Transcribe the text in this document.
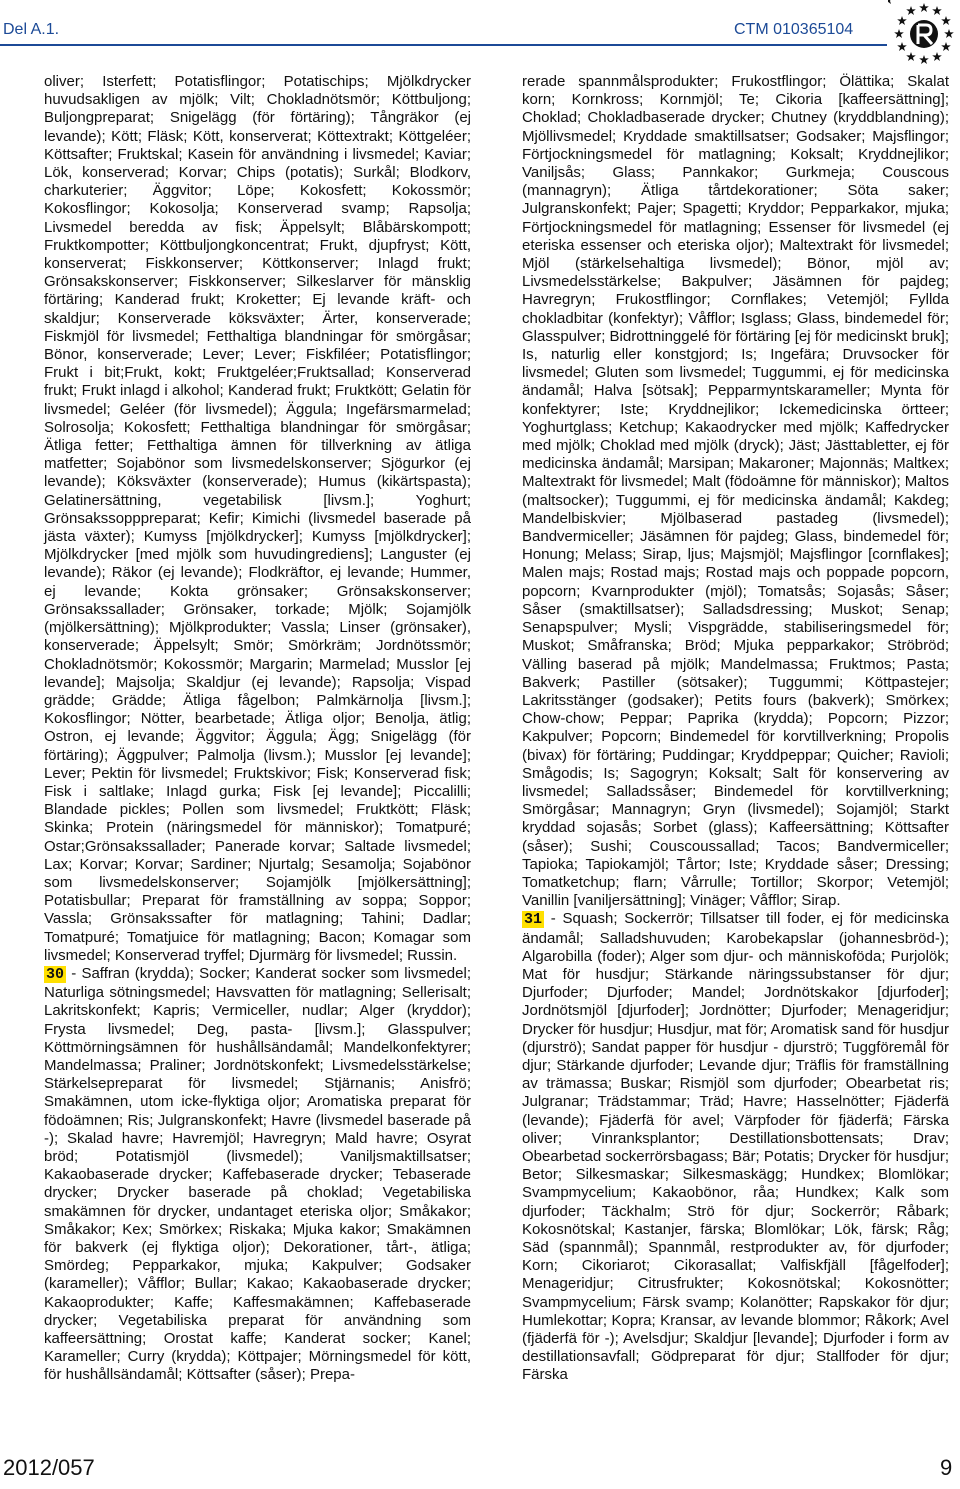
Del A.1.	CTM 010365104

oliver; Isterfett; Potatisflingor; Potatischips; Mjölkdrycker huvudsakligen av mjölk; Vilt; Chokladnötsmör; Köttbuljong; Buljongpreparat; Snigelägg (för förtäring); Tångräkor (ej levande); Kött; Fläsk; Kött, konserverat; Köttextrakt; Köttgeléer; Köttsafter; Fruktskal; Kasein för användning i livsmedel; Kaviar; Lök, konserverad; Korvar; Chips (potatis); Surkål; Blodkorv, charkuterier; Äggvitor; Löpe; Kokosfett; Kokossmör; Kokosflingor; Kokosolja; Konserverad svamp; Rapsolja; Livsmedel beredda av fisk; Äppelsylt; Blåbärskompott; Fruktkompotter; Köttbuljongkoncentrat; Frukt, djupfryst; Kött, konserverat; Fiskkonserver; Köttkonserver; Inlagd frukt; Grönsakskonserver; Fiskkonserver; Silkeslarver för mänsklig förtäring; Kanderad frukt; Kroketter; Ej levande kräft- och skaldjur; Konserverade köksväxter; Ärter, konserverade; Fiskmjöl för livsmedel; Fetthaltiga blandningar för smörgåsar; Bönor, konserverade; Lever; Lever; Fiskfiléer; Potatisflingor; Frukt i bit;Frukt, kokt; Fruktgeléer;Fruktsallad; Konserverad frukt; Frukt inlagd i alkohol; Kanderad frukt; Fruktkött; Gelatin för livsmedel; Geléer (för livsmedel); Äggula; Ingefärsmarmelad; Solrosolja; Kokosfett; Fetthaltiga blandningar för smörgåsar; Ätliga fetter; Fetthaltiga ämnen för tillverkning av ätliga matfetter; Sojabönor som livsmedelskonserver; Sjögurkor (ej levande); Köksväxter (konserverade); Humus (kikärtspasta); Gelatinersättning, vegetabilisk [livsm.]; Yoghurt; Grönsakssopppreparat; Kefir; Kimichi (livsmedel baserade på jästa växter); Kumyss [mjölkdrycker]; Kumyss [mjölkdrycker]; Mjölkdrycker [med mjölk som huvudingrediens]; Languster (ej levande); Räkor (ej levande); Flodkräftor, ej levande; Hummer, ej levande; Kokta grönsaker; Grönsakskonserver; Grönsakssallader; Grönsaker, torkade; Mjölk; Sojamjölk (mjölkersättning); Mjölkprodukter; Vassla; Linser (grönsaker), konserverade; Äppelsylt; Smör; Smörkräm; Jordnötssmör; Chokladnötsmör; Kokossmör; Margarin; Marmelad; Musslor [ej levande]; Majsolja; Skaldjur (ej levande); Rapsolja; Vispad grädde; Grädde; Ätliga fågelbon; Palmkärnolja [livsm.]; Kokosflingor; Nötter, bearbetade; Ätliga oljor; Benolja, ätlig; Ostron, ej levande; Äggvitor; Äggula; Ägg; Snigelägg (för förtäring); Äggpulver; Palmolja (livsm.); Musslor [ej levande]; Lever; Pektin för livsmedel; Fruktskivor; Fisk; Konserverad fisk; Fisk i saltlake; Inlagd gurka; Fisk [ej levande]; Piccalilli; Blandade pickles; Pollen som livsmedel; Fruktkött; Fläsk; Skinka; Protein (näringsmedel för människor); Tomatpuré; Ostar;Grönsakssallader; Panerade korvar; Saltade livsmedel; Lax; Korvar; Korvar; Sardiner; Njurtalg; Sesamolja; Sojabönor som livsmedelskonserver; Sojamjölk [mjölkersättning]; Potatisbullar; Preparat för framställning av soppa; Soppor; Vassla; Grönsakssafter för matlagning; Tahini; Dadlar; Tomatpuré; Tomatjuice för matlagning; Bacon; Komagar som livsmedel; Konserverad tryffel; Djurmärg för livsmedel; Russin.

30 - Saffran (krydda); Socker; Kanderat socker som livsmedel; Naturliga sötningsmedel; Havsvatten för matlagning; Sellerisalt; Lakritskonfekt; Kapris; Vermiceller, nudlar; Alger (kryddor); Frysta livsmedel; Deg, pasta- [livsm.]; Glasspulver; Köttmörningsämnen för hushållsändamål; Mandelkonfektyrer; Mandelmassa; Praliner; Jordnötskonfekt; Livsmedelsstärkelse; Stärkelsepreparat för livsmedel; Stjärnanis; Anisfrö; Smakämnen, utom icke-flyktiga oljor; Aromatiska preparat för födoämnen; Ris; Julgranskonfekt; Havre (livsmedel baserade på -); Skalad havre; Havremjöl; Havregryn; Mald havre; Osyrat bröd; Potatismjöl (livsmedel); Vaniljsmaktillsatser; Kakaobaserade drycker; Kaffebaserade drycker; Tebaserade drycker; Drycker baserade på choklad; Vegetabiliska smakämnen för drycker, undantaget eteriska oljor; Småkakor; Småkakor; Kex; Smörkex; Riskaka; Mjuka kakor; Smakämnen för bakverk (ej flyktiga oljor); Dekorationer, tårt-, ätliga; Smördeg; Pepparkakor, mjuka; Kakpulver; Godsaker (karameller); Våfflor; Bullar; Kakao; Kakaobaserade drycker; Kakaoprodukter; Kaffe; Kaffesmakämnen; Kaffebaserade drycker; Vegetabiliska preparat för användning som kaffeersättning; Orostat kaffe; Kanderat socker; Kanel; Karameller; Curry (krydda); Köttpajer; Mörningsmedel för kött, för hushållsändamål; Köttsafter (såser); Prepa-

rerade spannmålsprodukter; Frukostflingor; Ölättika; Skalat korn; Kornkross; Kornmjöl; Te; Cikoria [kaffeersättning]; Choklad; Chokladbaserade drycker; Chutney (kryddblandning); Mjöllivsmedel; Kryddade smaktillsatser; Godsaker; Majsflingor; Förtjockningsmedel för matlagning; Koksalt; Kryddnejlikor; Vaniljsås; Glass; Pannkakor; Gurkmeja; Couscous (mannagryn); Ätliga tårtdekorationer; Söta saker; Julgranskonfekt; Pajer; Spagetti; Kryddor; Pepparkakor, mjuka; Förtjockningsmedel för matlagning; Essenser för livsmedel (ej eteriska essenser och eteriska oljor); Maltextrakt för livsmedel; Mjöl (stärkelsehaltiga livsmedel); Bönor, mjöl av; Livsmedelsstärkelse; Bakpulver; Jäsämnen för pajdeg; Havregryn; Frukostflingor; Cornflakes; Vetemjöl; Fyllda chokladbitar (konfektyr); Våfflor; Isglass; Glass, bindemedel för; Glasspulver; Bidrottninggelé för förtäring [ej för medicinskt bruk]; Is, naturlig eller konstgjord; Is; Ingefära; Druvsocker för livsmedel; Gluten som livsmedel; Tuggummi, ej för medicinska ändamål; Halva [sötsak]; Pepparmyntskarameller; Mynta för konfektyrer; Iste; Kryddnejlikor; Ickemedicinska örtteer; Yoghurtglass; Ketchup; Kakaodrycker med mjölk; Kaffedrycker med mjölk; Choklad med mjölk (dryck); Jäst; Jästtabletter, ej för medicinska ändamål; Marsipan; Makaroner; Majonnäs; Maltkex; Maltextrakt för livsmedel; Malt (födoämne för människor); Maltos (maltsocker); Tuggummi, ej för medicinska ändamål; Kakdeg; Mandelbiskvier; Mjölbaserad pastadeg (livsmedel); Bandvermiceller; Jäsämnen för pajdeg; Glass, bindemedel för; Honung; Melass; Sirap, ljus; Majsmjöl; Majsflingor [cornflakes]; Malen majs; Rostad majs; Rostad majs och poppade popcorn, popcorn; Kvarnprodukter (mjöl); Tomatsås; Sojasås; Såser; Såser (smaktillsatser); Salladsdressing; Muskot; Senap; Senapspulver; Mysli; Vispgrädde, stabiliseringsmedel för; Muskot; Småfranska; Bröd; Mjuka pepparkakor; Ströbröd; Välling baserad på mjölk; Mandelmassa; Fruktmos; Pasta; Bakverk; Pastiller (sötsaker); Tuggummi; Köttpastejer; Lakritsstänger (godsaker); Petits fours (bakverk); Smörkex; Chow-chow; Peppar; Paprika (krydda); Popcorn; Pizzor; Kakpulver; Popcorn; Bindemedel för korvtillverkning; Propolis (bivax) för förtäring; Puddingar; Kryddpeppar; Quicher; Ravioli; Smågodis; Is; Sagogryn; Koksalt; Salt för konservering av livsmedel; Salladssåser; Bindemedel för korvtillverkning; Smörgåsar; Mannagryn; Gryn (livsmedel); Sojamjöl; Starkt kryddad sojasås; Sorbet (glass); Kaffeersättning; Köttsafter (såser); Sushi; Couscoussallad; Tacos; Bandvermiceller; Tapioka; Tapiokamjöl; Tårtor; Iste; Kryddade såser; Dressing; Tomatketchup; flarn; Vårrulle; Tortillor; Skorpor; Vetemjöl; Vanillin [vaniljersättning]; Vinäger; Våfflor; Sirap.

31 - Squash; Sockerrör; Tillsatser till foder, ej för medicinska ändamål; Salladshuvuden; Karobekapslar (johannesbröd-); Algarobilla (foder); Alger som djur- och människoföda; Purjolök; Mat för husdjur; Stärkande näringssubstanser för djur; Djurfoder; Djurfoder; Mandel; Jordnötskakor [djurfoder]; Jordnötsmjöl [djurfoder]; Jordnötter; Djurfoder; Menageridjur; Drycker för husdjur; Husdjur, mat för; Aromatisk sand för husdjur (djurströ); Sandat papper för husdjur - djurströ; Tuggföremål för djur; Stärkande djurfoder; Levande djur; Träflis för framställning av trämassa; Buskar; Rismjöl som djurfoder; Obearbetat ris; Julgranar; Trädstammar; Träd; Havre; Hasselnötter; Fjäderfä (levande); Fjäderfä för avel; Värpfoder för fjäderfä; Färska oliver; Vinranksplantor; Destillationsbottensats; Drav; Obearbetad sockerrörsbagass; Bär; Potatis; Drycker för husdjur; Betor; Silkesmaskar; Silkesmaskägg; Hundkex; Blomlökar; Svampmycelium; Kakaobönor, råa; Hundkex; Kalk som djurfoder; Täckhalm; Strö för djur; Sockerrör; Råbark; Kokosnötskal; Kastanjer, färska; Blomlökar; Lök, färsk; Råg; Säd (spannmål); Spannmål, restprodukter av, för djurfoder; Korn; Cikoriarot; Cikorasallat; Valfiskfjäll [fågelfoder]; Menageridjur; Citrusfrukter; Kokosnötskal; Kokosnötter; Svampmycelium; Färsk svamp; Kolanötter; Rapskakor för djur; Humlekottar; Kopra; Kransar, av levande blommor; Råkork; Avel (fjäderfä för -); Avelsdjur; Skaldjur [levande]; Djurfoder i form av destillationsavfall; Gödpreparat för djur; Stallfoder för djur; Färska

2012/057	9
